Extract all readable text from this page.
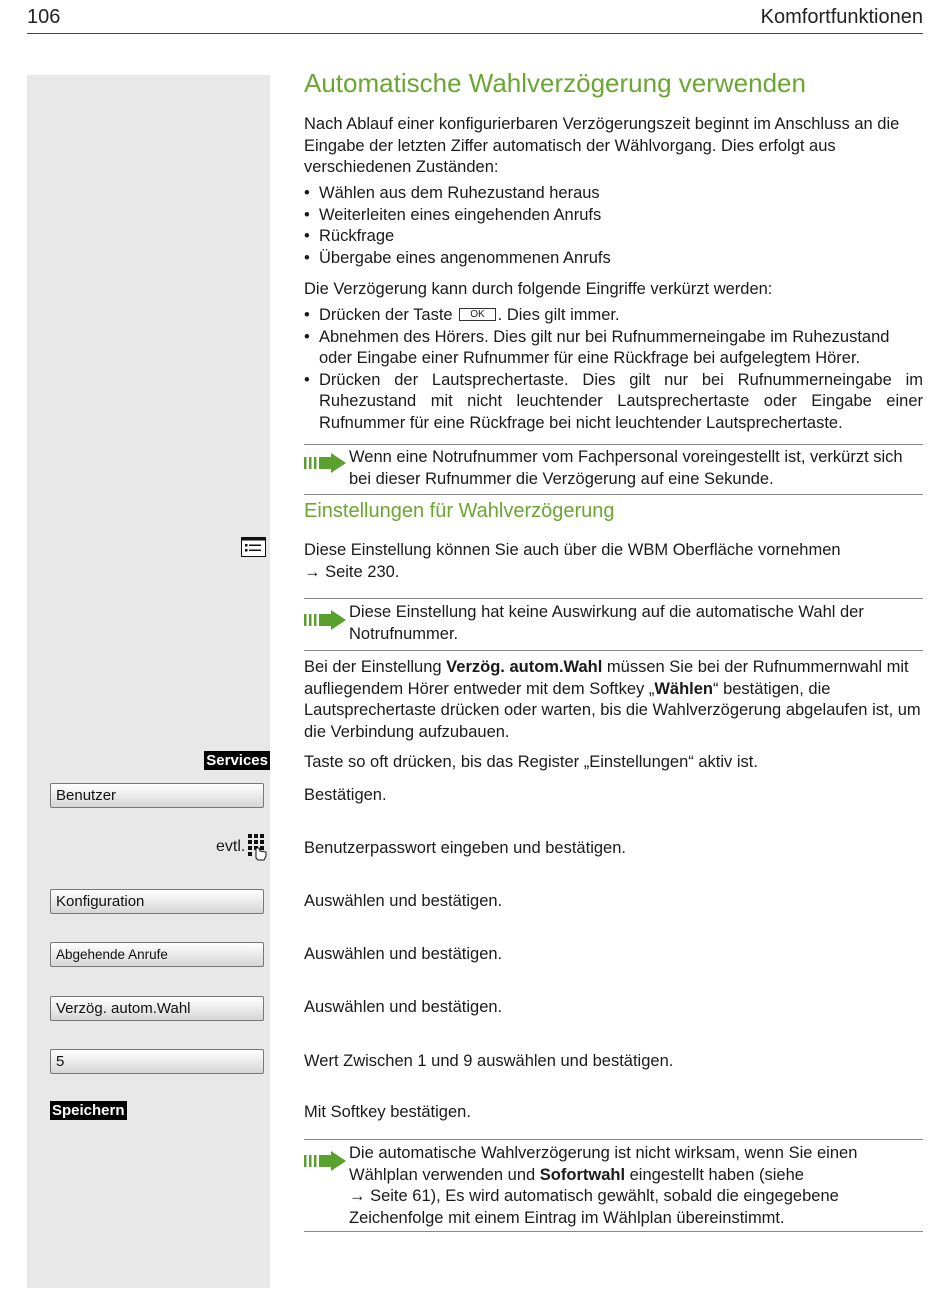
106	Komfortfunktionen
Automatische Wahlverzögerung verwenden
Nach Ablauf einer konfigurierbaren Verzögerungszeit beginnt im Anschluss an die Eingabe der letzten Ziffer automatisch der Wählvorgang. Dies erfolgt aus verschiedenen Zuständen:
• Wählen aus dem Ruhezustand heraus
• Weiterleiten eines eingehenden Anrufs
• Rückfrage
• Übergabe eines angenommenen Anrufs
Die Verzögerung kann durch folgende Eingriffe verkürzt werden:
• Drücken der Taste OK . Dies gilt immer.
• Abnehmen des Hörers. Dies gilt nur bei Rufnummerneingabe im Ruhezustand oder Eingabe einer Rufnummer für eine Rückfrage bei aufgelegtem Hörer.
• Drücken der Lautsprechertaste. Dies gilt nur bei Rufnummerneingabe im Ruhezustand mit nicht leuchtender Lautsprechertaste oder Eingabe einer Rufnummer für eine Rückfrage bei nicht leuchtender Lautsprechertaste.
Wenn eine Notrufnummer vom Fachpersonal voreingestellt ist, verkürzt sich bei dieser Rufnummer die Verzögerung auf eine Sekunde.
Einstellungen für Wahlverzögerung
Diese Einstellung können Sie auch über die WBM Oberfläche vornehmen
→ Seite 230.
Diese Einstellung hat keine Auswirkung auf die automatische Wahl der Notrufnummer.
Bei der Einstellung Verzög. autom.Wahl müssen Sie bei der Rufnummernwahl mit aufliegendem Hörer entweder mit dem Softkey „Wählen“ bestätigen, die Lautsprechertaste drücken oder warten, bis die Wahlverzögerung abgelaufen ist, um die Verbindung aufzubauen.
Services Taste so oft drücken, bis das Register „Einstellungen“ aktiv ist.
Benutzer	Bestätigen.
evtl.	Benutzerpasswort eingeben und bestätigen.
Konfiguration	Auswählen und bestätigen.
Abgehende Anrufe	Auswählen und bestätigen.
Verzög. autom.Wahl	Auswählen und bestätigen.
5	Wert Zwischen 1 und 9 auswählen und bestätigen.
Speichern	Mit Softkey bestätigen.
Die automatische Wahlverzögerung ist nicht wirksam, wenn Sie einen Wählplan verwenden und Sofortwahl eingestellt haben (siehe
→ Seite 61), Es wird automatisch gewählt, sobald die eingegebene Zeichenfolge mit einem Eintrag im Wählplan übereinstimmt.
